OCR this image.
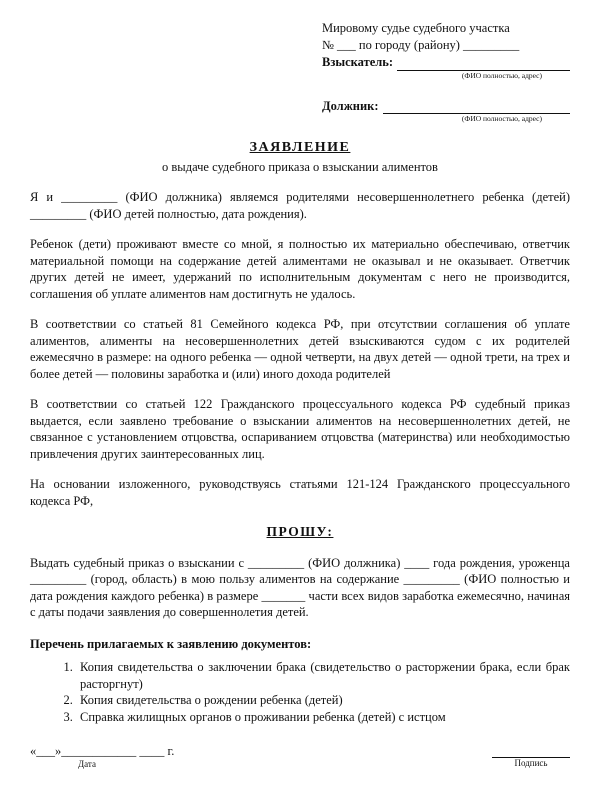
Мировому судье судебного участка
№ ___ по городу (району) _________
Взыскатель:
(ФИО полностью, адрес)
Должник:
(ФИО полностью, адрес)
ЗАЯВЛЕНИЕ
о выдаче судебного приказа о взыскании алиментов

Я и _________ (ФИО должника) являемся родителями несовершеннолетнего ребенка (детей) _________ (ФИО детей полностью, дата рождения).

Ребенок (дети) проживают вместе со мной, я полностью их материально обеспечиваю, ответчик материальной помощи на содержание детей алиментами не оказывал и не оказывает. Ответчик других детей не имеет, удержаний по исполнительным документам с него не производится, соглашения об уплате алиментов нам достигнуть не удалось.

В соответствии со статьей 81 Семейного кодекса РФ, при отсутствии соглашения об уплате алиментов, алименты на несовершеннолетних детей взыскиваются судом с их родителей ежемесячно в размере: на одного ребенка — одной четверти, на двух детей — одной трети, на трех и более детей — половины заработка и (или) иного дохода родителей

В соответствии со статьей 122 Гражданского процессуального кодекса РФ судебный приказ выдается, если заявлено требование о взыскании алиментов на несовершеннолетних детей, не связанное с установлением отцовства, оспариванием отцовства (материнства) или необходимостью привлечения других заинтересованных лиц.

На основании изложенного, руководствуясь статьями 121-124 Гражданского процессуального кодекса РФ,

ПРОШУ:

Выдать судебный приказ о взыскании с _________ (ФИО должника) ____ года рождения, уроженца _________ (город, область) в мою пользу алиментов на содержание _________ (ФИО полностью и дата рождения каждого ребенка) в размере _______ части всех видов заработка ежемесячно, начиная с даты подачи заявления до совершеннолетия детей.

Перечень прилагаемых к заявлению документов:
1. Копия свидетельства о заключении брака (свидетельство о расторжении брака, если брак расторгнут)
2. Копия свидетельства о рождении ребенка (детей)
3. Справка жилищных органов о проживании ребенка (детей) с истцом
«___»____________ ____ г.
Дата	Подпись
